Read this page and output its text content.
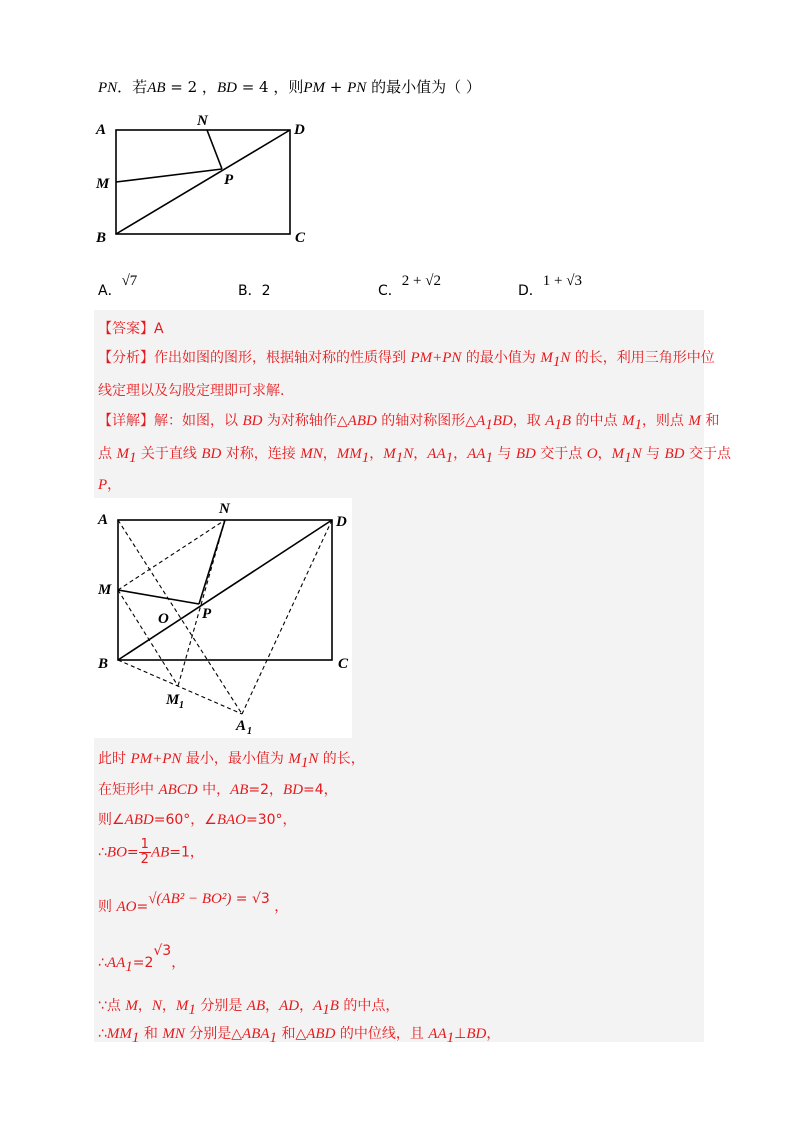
PN．若AB = 2 ，BD = 4 ，则PM + PN 的最小值为（ ）
A
B	C
D
M
N
P
A．√7
B．2	C．2 + √2
D．1 + √3
【答案】A
【分析】作出如图的图形，根据轴对称的性质得到 PM+PN 的最小值为 $M_1N$ 的长，利用三角形中位
线定理以及勾股定理即可求解.
【详解】解：如图，以 BD 为对称轴作△ABD 的轴对称图形$\triangle A_1BD$，取 $A_1B$ 的中点 $M_1$，则点 M 和
点 $M_1$ 关于直线 BD 对称，连接 MN，$MM_1$，$M_1N$，$AA_1$，$AA_1$ 与 BD 交于点 O，$M_1N$ 与 BD 交于点
P，
A
B	C
D
M
N
P
O
M 1
A 1
此时 PM+PN 最小，最小值为 $M_1N$ 的长，
在矩形中 ABCD 中，AB=2，BD=4，
则∠ABD=60°，∠BAO=30°，
∴BO= $\frac{1}{2} AB=1$，
则 AO=√(AB² − BO²) = √3 ，
$\therefore AA_1=2√3$，
∵点 M，N，$M_1$ 分别是 AB，AD，$A_1B$ 的中点，
$\therefore MM_1$ 和 MN 分别是$\triangle ABA_1$ 和△ABD 的中位线，且 $AA_1\perp BD$，
